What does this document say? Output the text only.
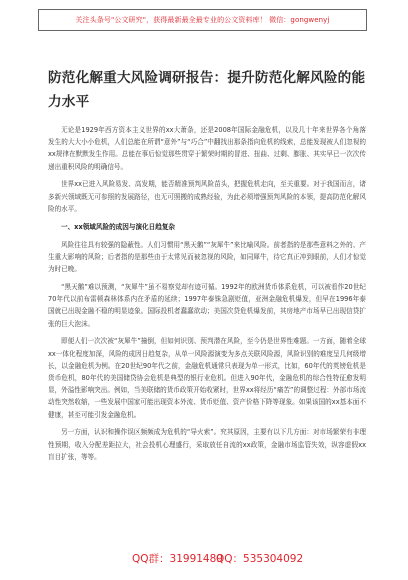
关注头条号"公文研究"，获得最新最全最专业的公文资料库！ 微信：gongwenyj
防范化解重大风险调研报告：提升防范化解风险的能力水平

无论是1929年西方资本主义世界的xx大萧条，还是2008年国际金融危机，以及几十年来世界各个角落发生的大大小小危机，人们总能在所谓“意外”与“巧合”中翻找出那条指向危机的线索，总能发现被人们忽视的xx规律在默默发生作用。总能在事后惊觉那些贯穿于繁荣时期的冒进、扭曲、过剩、膨胀、其实早已一次次传递出重积风险的明确信号。

世界xx已进入风险易发、高发期，能否精准预判风险苗头，把握危机走向，至关重要。对于我国而言，诸多新兴领域既无可参照的发展路径，也无可照搬的成熟经验，为此必须增强预判风险的本领，提高防范化解风险的水平。

一、xx领域风险的成因与演化日趋复杂

风险往往具有较强的隐蔽性。人们习惯用“黑天鹅”“灰犀牛”来比喻风险。前者指的是那些意料之外的、产生重大影响的风险；后者指的是那些由于太常见而被忽视的风险，如同犀牛，待它真正冲到眼前，人们才惊觉为时已晚。

“黑天鹅”难以预测，“灰犀牛”虽不易察觉却有迹可循。1992年的欧洲货币体系危机，可以被看作20世纪70年代以前布雷顿森林体系内在矛盾的延续；1997年泰铢急剧贬值，亚洲金融危机爆发，但早在1996年泰国就已出现金融不稳的明显迹象。国际投机者蠢蠢欲动；美国次贷危机爆发前，其房地产市场早已出现信贷扩张的巨大泡沫。

即便人们一次次被“灰犀牛”撞倒，但如何识别、预判潜在风险，至今仍是世界性难题。一方面，随着全球xx一体化程度加深，风险的成因日趋复杂，从单一风险源演变为多点关联风险源，风险识别的难度呈几何级增长，以金融危机为例。在20世纪90年代之前，金融危机通常只表现为单一形式，比如，60年代的英镑危机是货币危机，80年代的美国储贷协会危机是典型的银行业危机。但进入90年代，金融危机的综合性特征愈发明显，外溢性影响突出。例如，当美联储的货币政策开始收紧时，世界xx将经历“痛苦”的调整过程：外部市场流动性突然收缩，一些发展中国家可能出现资本外流、货币贬值、资产价格下降等现象。如果该国的xx基本面不健康，甚至可能引发金融危机。

另一方面，认识和操作误区频频成为危机的“导火索”。究其原因，主要有以下几方面：对市场繁荣有非理性预期，收入分配差距拉大，社会投机心理盛行，采取放任自流的xx政策，金融市场监管失效，纵容虚假xx盲目扩张，等等。

QQ群：31991489
QQ：535304092
